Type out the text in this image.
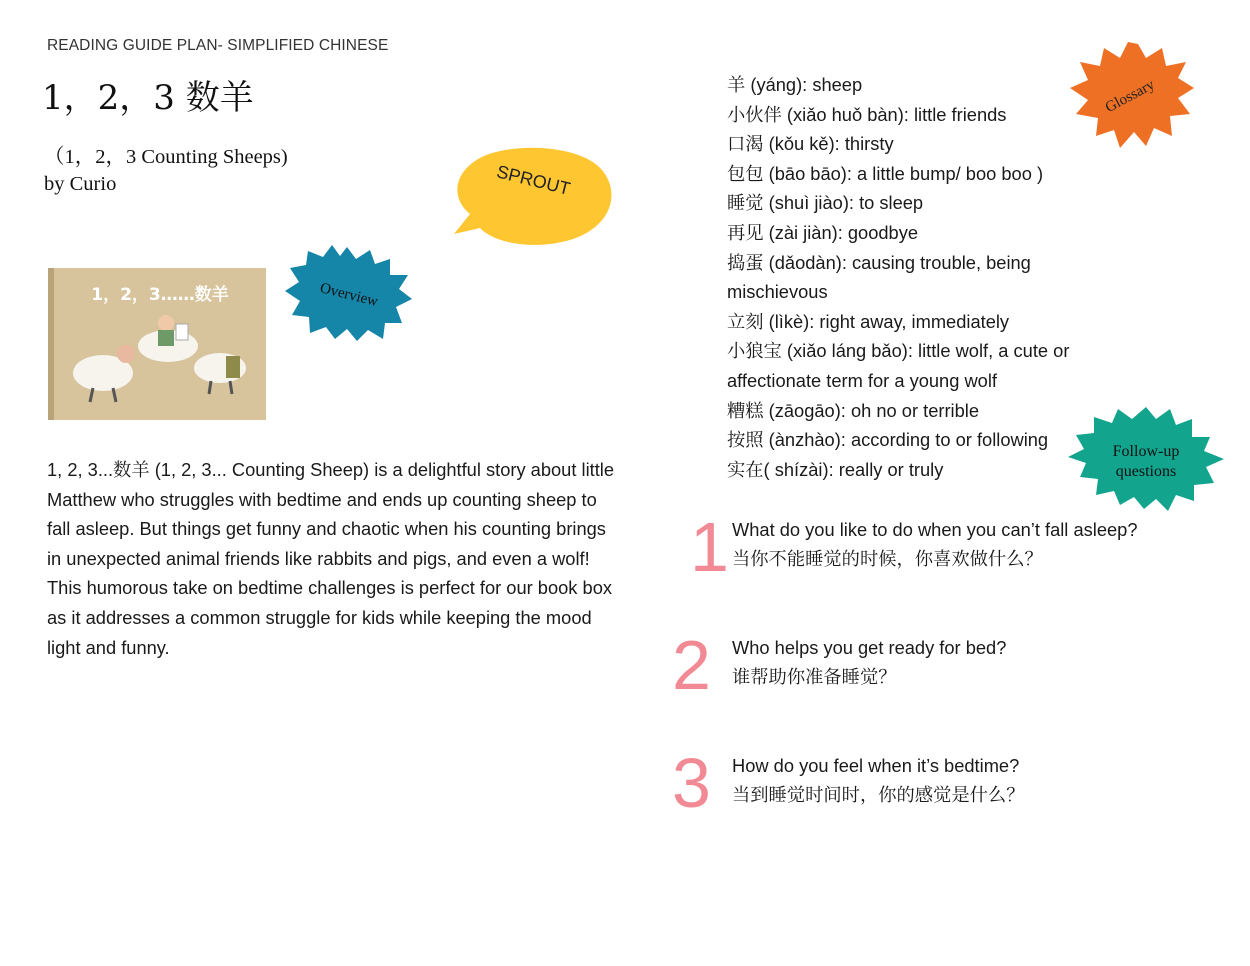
READING GUIDE PLAN- SIMPLIFIED CHINESE
1，2，3 数羊
（1，2，3 Counting Sheeps)
by Curio	SPROUT
Overview
1，2，3……数羊
1, 2, 3...数羊 (1, 2, 3... Counting Sheep) is a delightful story about little Matthew who struggles with bedtime and ends up counting sheep to fall asleep. But things get funny and chaotic when his counting brings in unexpected animal friends like rabbits and pigs, and even a wolf! This humorous take on bedtime challenges is perfect for our book box as it addresses a common struggle for kids while keeping the mood light and funny.
Glossary
羊 (yáng): sheep
小伙伴 (xiǎo huǒ bàn): little friends
口渴 (kǒu kě): thirsty
包包 (bāo bāo): a little bump/ boo boo )
睡觉 (shuì jiào): to sleep
再见 (zài jiàn): goodbye
捣蛋 (dǎodàn): causing trouble, being mischievous
立刻 (lìkè): right away, immediately
小狼宝 (xiǎo láng bǎo): little wolf, a cute or affectionate term for a young wolf
糟糕 (zāogāo): oh no or terrible
按照 (ànzhào): according to or following
实在( shízài): really or truly
Follow-up
questions
1 What do you like to do when you can’t fall asleep?
当你不能睡觉的时候，你喜欢做什么？
2 Who helps you get ready for bed?
谁帮助你准备睡觉？
3 How do you feel when it’s bedtime?
当到睡觉时间时，你的感觉是什么？
